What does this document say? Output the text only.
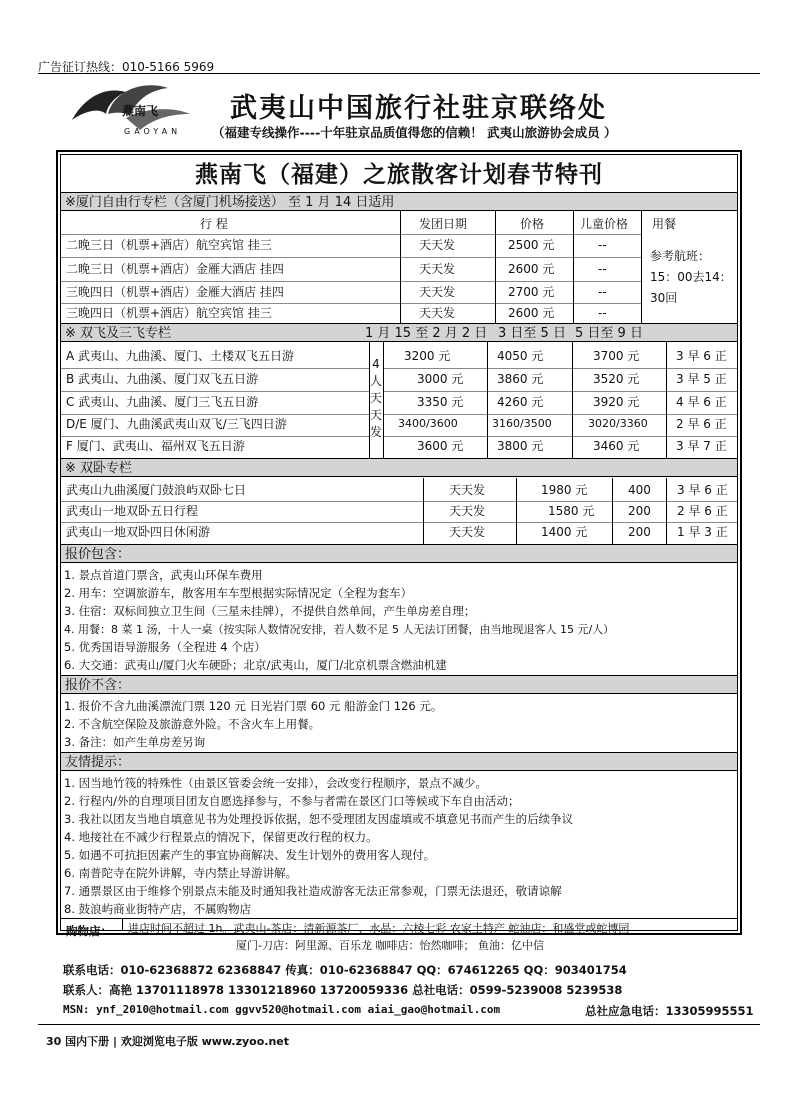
广告征订热线：010-5166 5969
燕南飞
GAOYAN
武夷山中国旅行社驻京联络处
（福建专线操作----十年驻京品质值得您的信赖！ 武夷山旅游协会成员 ）
燕南飞（福建）之旅散客计划春节特刊
※厦门自由行专栏（含厦门机场接送） 至 1 月 14 日适用
行 程	发团日期	价格	儿童价格 用餐
二晚三日（机票+酒店）航空宾馆 挂三	天天发	2500 元	--
二晚三日（机票+酒店）金雁大酒店 挂四	天天发	2600 元	--
三晚四日（机票+酒店）金雁大酒店 挂四	天天发	2700 元	--
三晚四日（机票+酒店）航空宾馆 挂三	天天发	2600 元	--
参考航班：
15：00去14：
30回
※ 双飞及三飞专栏	1 月 15 至 2 月 2 日 3 日至 5 日 5 日至 9 日
4人天天发
A 武夷山、九曲溪、厦门、土楼双飞五日游	3200 元	4050 元	3700 元	3 早 6 正
B 武夷山、九曲溪、厦门双飞五日游	3000 元	3860 元	3520 元	3 早 5 正
C 武夷山、九曲溪、厦门三飞五日游	3350 元	4260 元	3920 元	4 早 6 正
D/E 厦门、九曲溪武夷山双飞/三飞四日游	3400/3600	3160/3500	3020/3360 2 早 6 正
F 厦门、武夷山、福州双飞五日游	3600 元	3800 元	3460 元	3 早 7 正
※ 双卧专栏
武夷山九曲溪厦门鼓浪屿双卧七日	天天发	1980 元	400 3 早 6 正
武夷山一地双卧五日行程	天天发	1580 元	200 2 早 6 正
武夷山一地双卧四日休闲游	天天发	1400 元	200 1 早 3 正
报价包含：
1. 景点首道门票含，武夷山环保车费用
2. 用车：空调旅游车，散客用车车型根据实际情况定（全程为套车）
3. 住宿：双标间独立卫生间（三星未挂牌），不提供自然单间，产生单房差自理；
4. 用餐：8 菜 1 汤，十人一桌（按实际人数情况安排，若人数不足 5 人无法订团餐，由当地现退客人 15 元/人）
5. 优秀国语导游服务（全程进 4 个店）
6. 大交通：武夷山/厦门火车硬卧；北京/武夷山，厦门/北京机票含燃油机建
报价不含：
1. 报价不含九曲溪漂流门票 120 元 日光岩门票 60 元 船游金门 126 元。
2. 不含航空保险及旅游意外险。不含火车上用餐。
3. 备注：如产生单房差另询
友情提示：
1. 因当地竹筏的特殊性（由景区管委会统一安排），会改变行程顺序，景点不减少。
2. 行程内/外的自理项目团友自愿选择参与，不参与者需在景区门口等候或下车自由活动；
3. 我社以团友当地自填意见书为处理投诉依据，恕不受理团友因虚填或不填意见书而产生的后续争议
4. 地接社在不减少行程景点的情况下，保留更改行程的权力。
5. 如遇不可抗拒因素产生的事宜协商解决、发生计划外的费用客人现付。
6. 南普陀寺在院外讲解，寺内禁止导游讲解。
7. 通票景区由于维修个别景点未能及时通知我社造成游客无法正常参观，门票无法退还，敬请谅解
8. 鼓浪屿商业街特产店，不属购物店
购物店： 进店时间不超过 1h。武夷山-茶店：清新源茶厂、水晶：六棱七彩 农家土特产 蛇油店：和盛堂或蛇博园
厦门-刀店：阿里源、百乐龙 咖啡店：怡然咖啡； 鱼油：亿中信
联系电话：010-62368872 62368847 传真：010-62368847 QQ：674612265 QQ：903401754
联系人：高艳 13701118978 13301218960 13720059336 总社电话：0599-5239008 5239538
MSN: ynf_2010@hotmail.com ggvv520@hotmail.com aiai_gao@hotmail.com	总社应急电话：13305995551
30 国内下册 | 欢迎浏览电子版 www.zyoo.net
